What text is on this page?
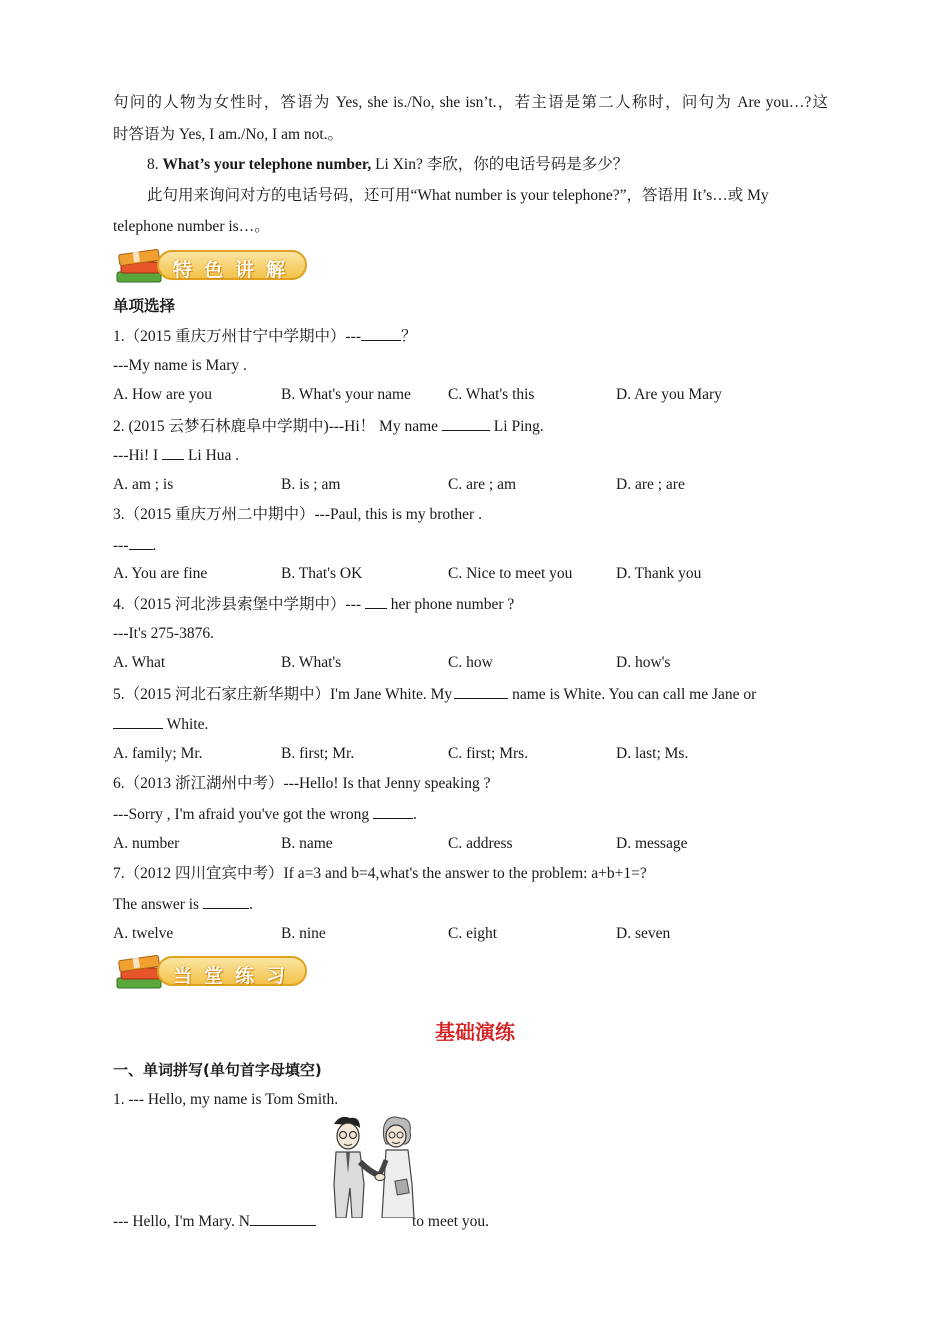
句问的人物为女性时，答语为 Yes, she is./No, she isn’t.，若主语是第二人称时，问句为 Are you…?这
时答语为 Yes, I am./No, I am not.。
8. What’s your telephone number, Li Xin? 李欣，你的电话号码是多少？
此句用来询问对方的电话号码，还可用“What number is your telephone?”，答语用 It’s…或 My
telephone number is…。
特色讲解
单项选择
1.（2015 重庆万州甘宁中学期中）---	？
---My name is Mary .
A. How are you	B. What's your name C. What's this	D. Are you Mary
2. (2015 云梦石林鹿阜中学期中)---Hi！ My name	Li Ping.
---Hi! I  Li Hua .
A. am ; is	B. is ; am	C. are ; am	D. are ; are
3.（2015 重庆万州二中期中）---Paul, this is my brother .
--- .
A. You are fine	B. That's OK	C. Nice to meet you	D. Thank you
4.（2015 河北涉县索堡中学期中）---  her phone number ?
---It's 275-3876.
A. What	B. What's	C. how	D. how's
5.（2015 河北石家庄新华期中）I'm Jane White. My	name is White. You can call me Jane or
White.
A. family; Mr.	B. first; Mr.	C. first; Mrs.	D. last; Ms.
6.（2013 浙江湖州中考）---Hello! Is that Jenny speaking ?
---Sorry , I'm afraid you've got the wrong	.
A. number	B. name	C. address	D. message
7.（2012 四川宜宾中考）If a=3 and b=4,what's the answer to the problem: a+b+1=?
The answer is	.
A. twelve	B. nine	C. eight	D. seven
当堂练习
基础演练
一、单词拼写(单句首字母填空)
1. --- Hello, my name is Tom Smith.
--- Hello, I'm Mary. N	to meet you.
